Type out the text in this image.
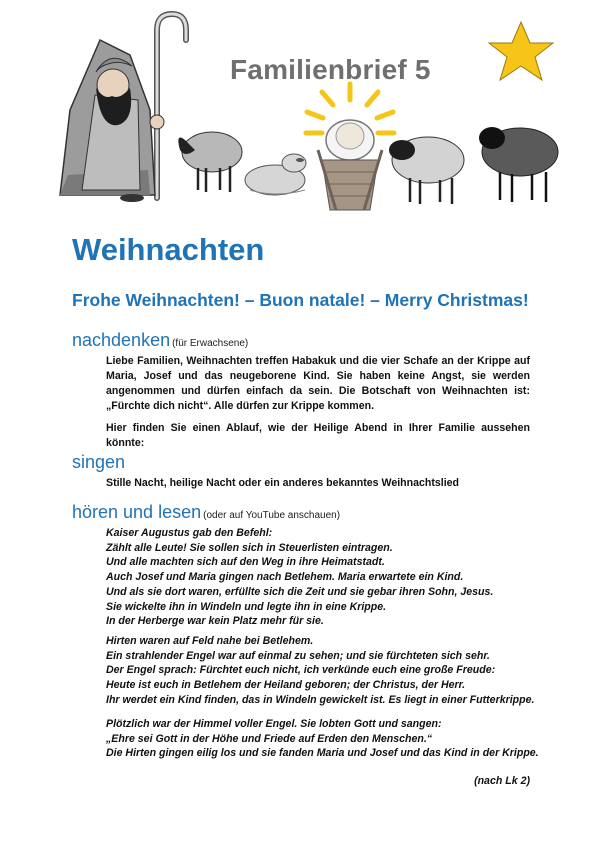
Familienbrief 5
Weihnachten
Frohe Weihnachten! – Buon natale! – Merry Christmas!
nachdenken (für Erwachsene)

Liebe Familien, Weihnachten treffen Habakuk und die vier Schafe an der Krippe auf Maria, Josef und das neugeborene Kind. Sie haben keine Angst, sie werden angenommen und dürfen einfach da sein. Die Botschaft von Weihnachten ist: „Fürchte dich nicht“. Alle dürfen zur Krippe kommen.

Hier finden Sie einen Ablauf, wie der Heilige Abend in Ihrer Familie aussehen könnte:

singen

Stille Nacht, heilige Nacht oder ein anderes bekanntes Weihnachtslied

hören und lesen (oder auf YouTube anschauen)
Kaiser Augustus gab den Befehl:
Zählt alle Leute! Sie sollen sich in Steuerlisten eintragen.
Und alle machten sich auf den Weg in ihre Heimatstadt.
Auch Josef und Maria gingen nach Betlehem. Maria erwartete ein Kind.
Und als sie dort waren, erfüllte sich die Zeit und sie gebar ihren Sohn, Jesus.
Sie wickelte ihn in Windeln und legte ihn in eine Krippe.
In der Herberge war kein Platz mehr für sie.
Hirten waren auf Feld nahe bei Betlehem.
Ein strahlender Engel war auf einmal zu sehen; und sie fürchteten sich sehr.
Der Engel sprach: Fürchtet euch nicht, ich verkünde euch eine große Freude:
Heute ist euch in Betlehem der Heiland geboren; der Christus, der Herr.
Ihr werdet ein Kind finden, das in Windeln gewickelt ist. Es liegt in einer Futterkrippe.
Plötzlich war der Himmel voller Engel. Sie lobten Gott und sangen:
„Ehre sei Gott in der Höhe und Friede auf Erden den Menschen.“
Die Hirten gingen eilig los und sie fanden Maria und Josef und das Kind in der Krippe.
(nach Lk 2)
